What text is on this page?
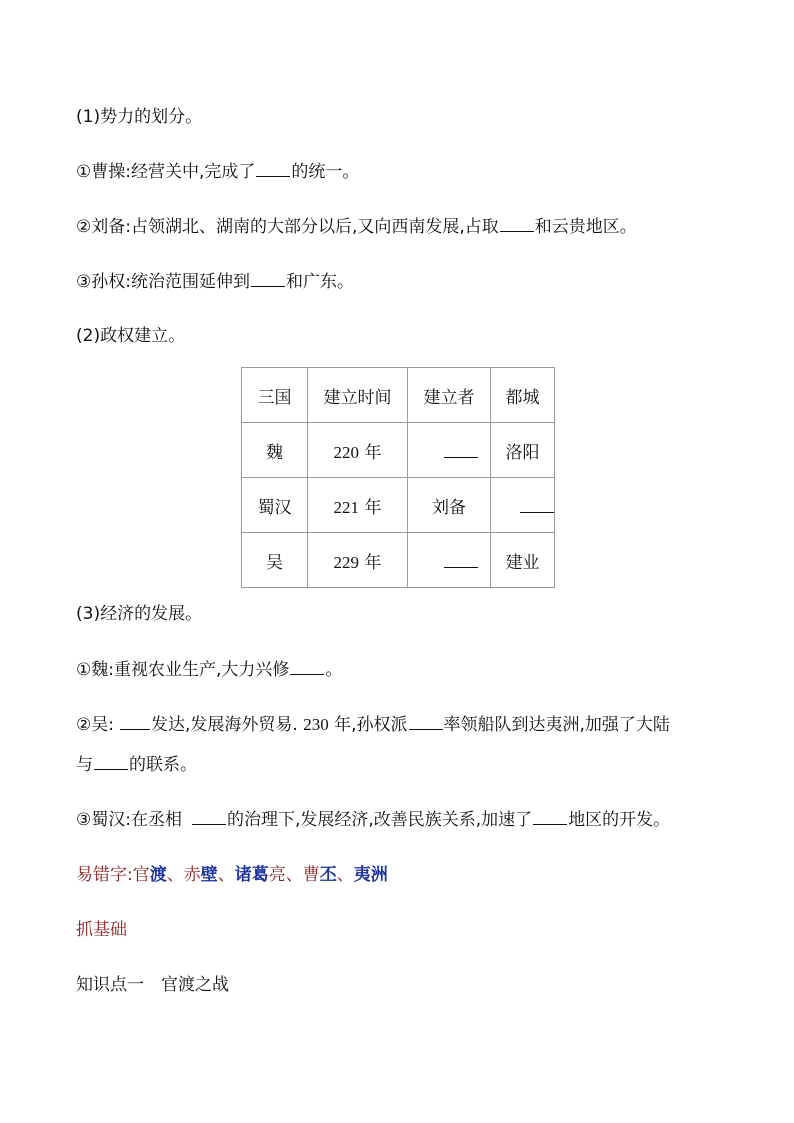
(1)势力的划分。
①曹操:经营关中,完成了 的统一。
②刘备:占领湖北、湖南的大部分以后,又向西南发展,占取 和云贵地区。
③孙权:统治范围延伸到 和广东。
(2)政权建立。
三国	建立时间	建立者	都城
魏	220 年		洛阳
蜀汉	221 年	刘备	
吴	229 年		建业
(3)经济的发展。
①魏:重视农业生产,大力兴修 。
②吴: 发达,发展海外贸易. 230 年,孙权派 率领船队到达夷洲,加强了大陆
与 的联系。
③蜀汉:在丞相	的治理下,发展经济,改善民族关系,加速了 地区的开发。
易错字:官渡、赤壁、诸葛亮、曹丕、夷洲
抓基础
知识点一　官渡之战
